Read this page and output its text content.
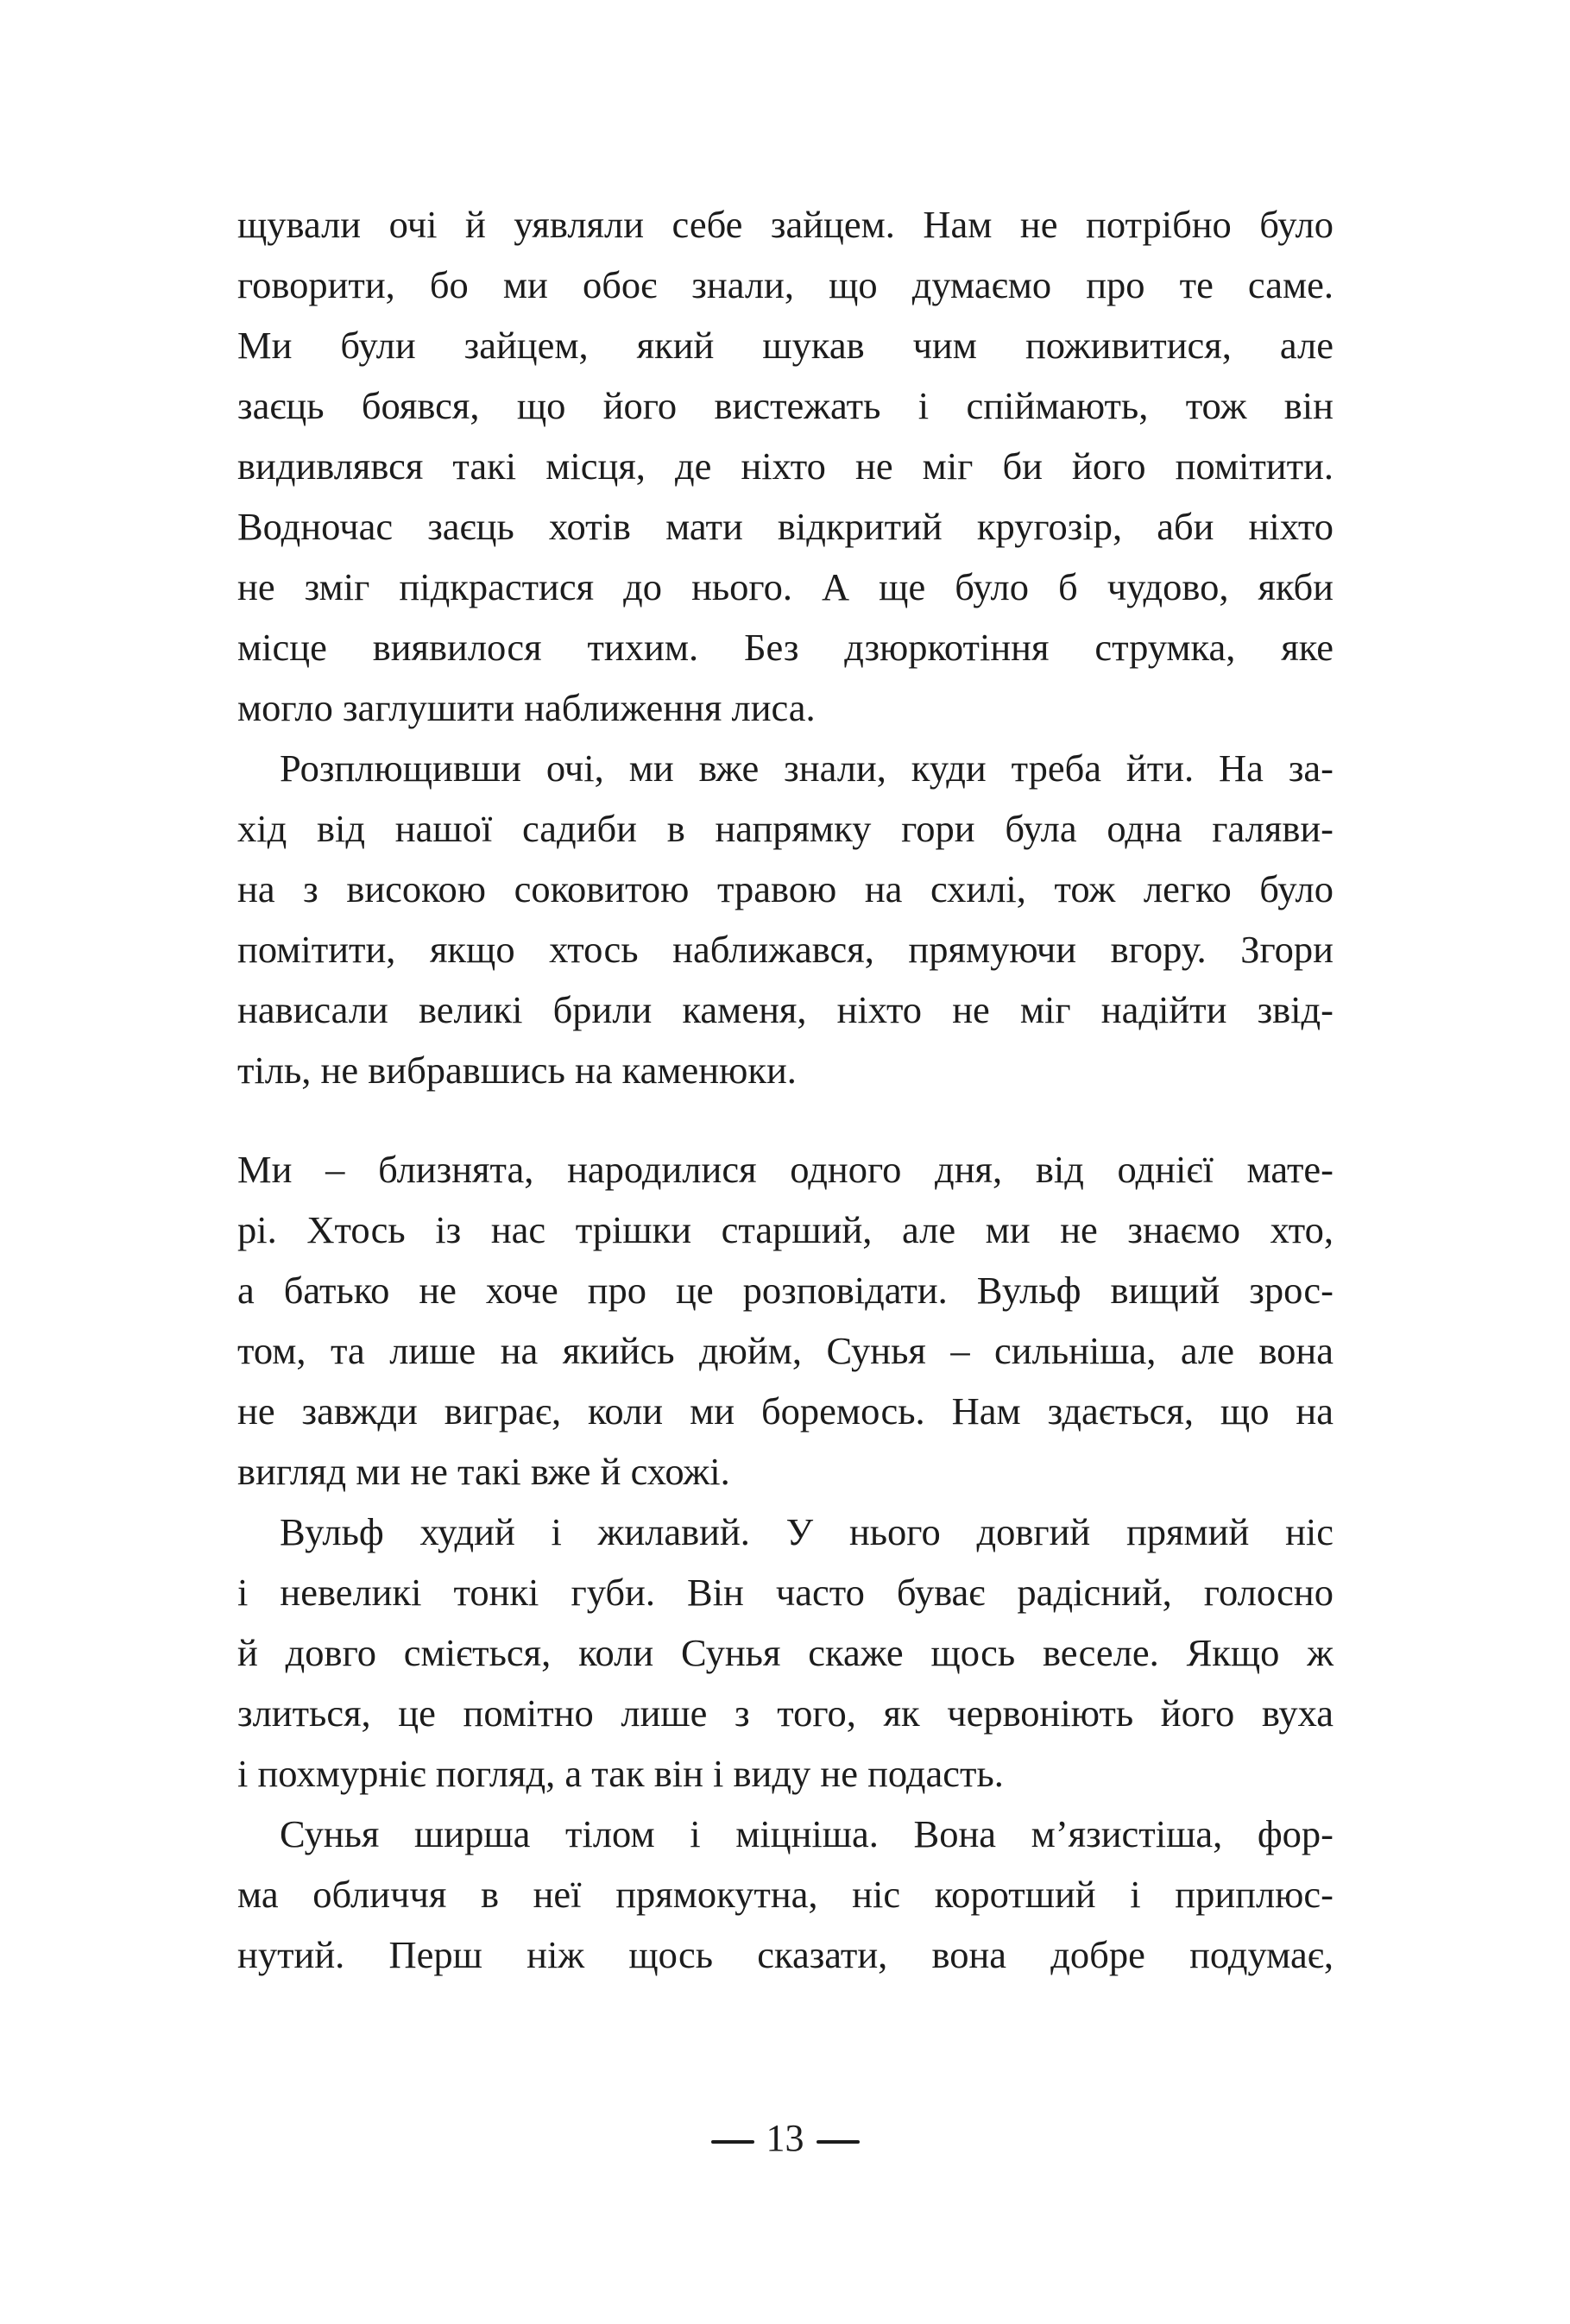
щували очі й уявляли себе зайцем. Нам не потрібно було
говорити, бо ми обоє знали, що думаємо про те саме.
Ми були зайцем, який шукав чим поживитися, але
заєць боявся, що його вистежать і спіймають, тож він
видивлявся такі місця, де ніхто не міг би його помітити.
Водночас заєць хотів мати відкритий кругозір, аби ніхто
не зміг підкрастися до нього. А ще було б чудово, якби
місце виявилося тихим. Без дзюркотіння струмка, яке
могло заглушити наближення лиса.
Розплющивши очі, ми вже знали, куди треба йти. На за-
хід від нашої садиби в напрямку гори була одна галяви-
на з високою соковитою травою на схилі, тож легко було
помітити, якщо хтось наближався, прямуючи вгору. Згори
нависали великі брили каменя, ніхто не міг надійти звід-
тіль, не вибравшись на каменюки.
Ми – близнята, народилися одного дня, від однієї мате-
рі. Хтось із нас трішки старший, але ми не знаємо хто,
а батько не хоче про це розповідати. Вульф вищий зрос-
том, та лише на якийсь дюйм, Сунья – сильніша, але вона
не завжди виграє, коли ми боремось. Нам здається, що на
вигляд ми не такі вже й схожі.
Вульф худий і жилавий. У нього довгий прямий ніс
і невеликі тонкі губи. Він часто буває радісний, голосно
й довго сміється, коли Сунья скаже щось веселе. Якщо ж
злиться, це помітно лише з того, як червоніють його вуха
і похмурніє погляд, а так він і виду не подасть.
Сунья ширша тілом і міцніша. Вона м’язистіша, фор-
ма обличчя в неї прямокутна, ніс коротший і приплюс-
нутий. Перш ніж щось сказати, вона добре подумає,
13
